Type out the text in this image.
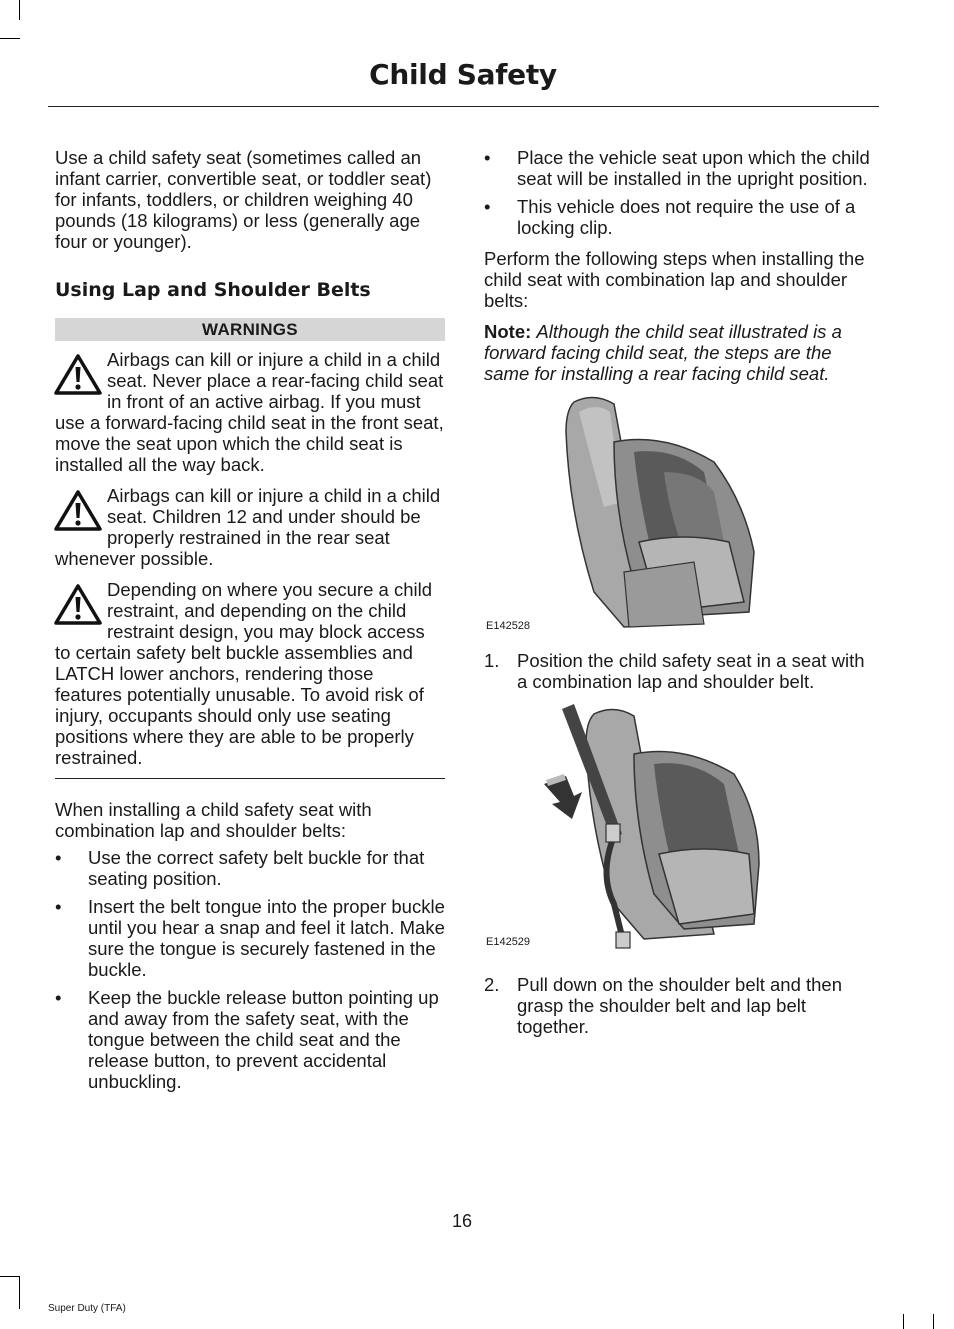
Child Safety

Use a child safety seat (sometimes called an infant carrier, convertible seat, or toddler seat) for infants, toddlers, or children weighing 40 pounds (18 kilograms) or less (generally age four or younger).

Using Lap and Shoulder Belts
WARNINGS
Airbags can kill or injure a child in a child seat. Never place a rear-facing child seat in front of an active airbag. If you must use a forward-facing child seat in the front seat, move the seat upon which the child seat is installed all the way back.
Airbags can kill or injure a child in a child seat. Children 12 and under should be properly restrained in the rear seat whenever possible.
Depending on where you secure a child restraint, and depending on the child restraint design, you may block access to certain safety belt buckle assemblies and LATCH lower anchors, rendering those features potentially unusable. To avoid risk of injury, occupants should only use seating positions where they are able to be properly restrained.

When installing a child safety seat with combination lap and shoulder belts:

• Use the correct safety belt buckle for that seating position.
• Insert the belt tongue into the proper buckle until you hear a snap and feel it latch. Make sure the tongue is securely fastened in the buckle.
• Keep the buckle release button pointing up and away from the safety seat, with the tongue between the child seat and the release button, to prevent accidental unbuckling.
• Place the vehicle seat upon which the child seat will be installed in the upright position.
• This vehicle does not require the use of a locking clip.

Perform the following steps when installing the child seat with combination lap and shoulder belts:

Note: Although the child seat illustrated is a forward facing child seat, the steps are the same for installing a rear facing child seat.

E142528
1. Position the child safety seat in a seat with a combination lap and shoulder belt.
E142529
2. Pull down on the shoulder belt and then grasp the shoulder belt and lap belt together.
16
Super Duty (TFA)
